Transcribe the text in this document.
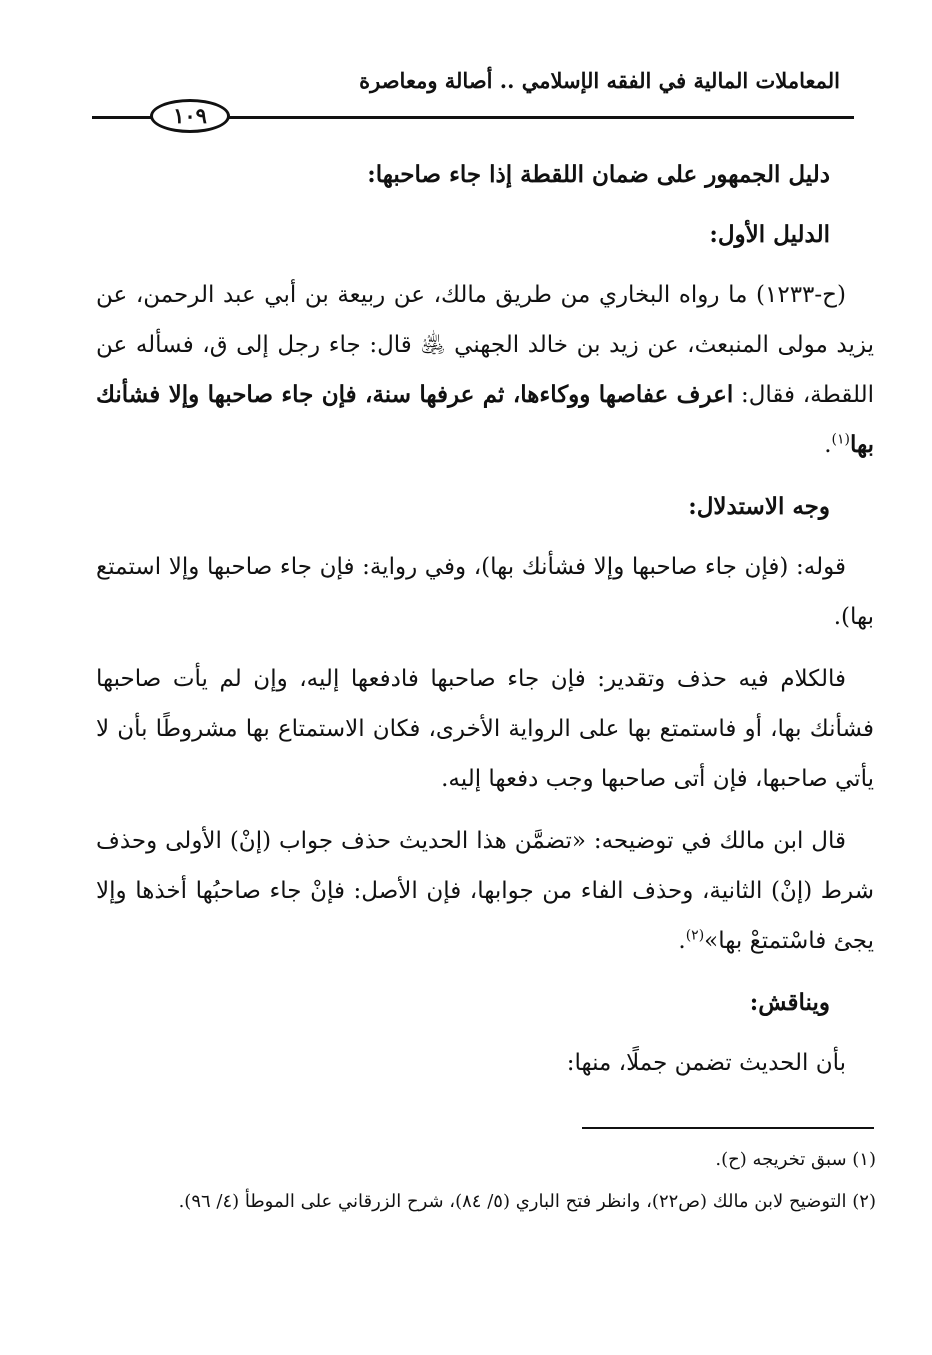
المعاملات المالية في الفقه الإسلامي .. أصالة ومعاصرة
١٠٩

دليل الجمهور على ضمان اللقطة إذا جاء صاحبها:

الدليل الأول:

(ح-١٢٣٣) ما رواه البخاري من طريق مالك، عن ربيعة بن أبي عبد الرحمن، عن يزيد مولى المنبعث، عن زيد بن خالد الجهني ﵁ قال: جاء رجل إلى ق، فسأله عن اللقطة، فقال: اعرف عفاصها ووكاءها، ثم عرفها سنة، فإن جاء صاحبها وإلا فشأنك بها$^{(١)}$.

وجه الاستدلال:

قوله: (فإن جاء صاحبها وإلا فشأنك بها)، وفي رواية: فإن جاء صاحبها وإلا استمتع بها).

فالكلام فيه حذف وتقدير: فإن جاء صاحبها فادفعها إليه، وإن لم يأت صاحبها فشأنك بها، أو فاستمتع بها على الرواية الأخرى، فكان الاستمتاع بها مشروطًا بأن لا يأتي صاحبها، فإن أتى صاحبها وجب دفعها إليه.

قال ابن مالك في توضيحه: «تضمَّن هذا الحديث حذف جواب (إنْ) الأولى وحذف شرط (إنْ) الثانية، وحذف الفاء من جوابها، فإن الأصل: فإنْ جاء صاحبُها أخذها وإلا يجئ فاسْتمتعْ بها»$^{(٢)}$.

ويناقش:

بأن الحديث تضمن جملًا، منها:

(١) سبق تخريجه (ح).

(٢) التوضيح لابن مالك (ص٢٢)، وانظر فتح الباري (٥/ ٨٤)، شرح الزرقاني على الموطأ (٤/ ٩٦).
